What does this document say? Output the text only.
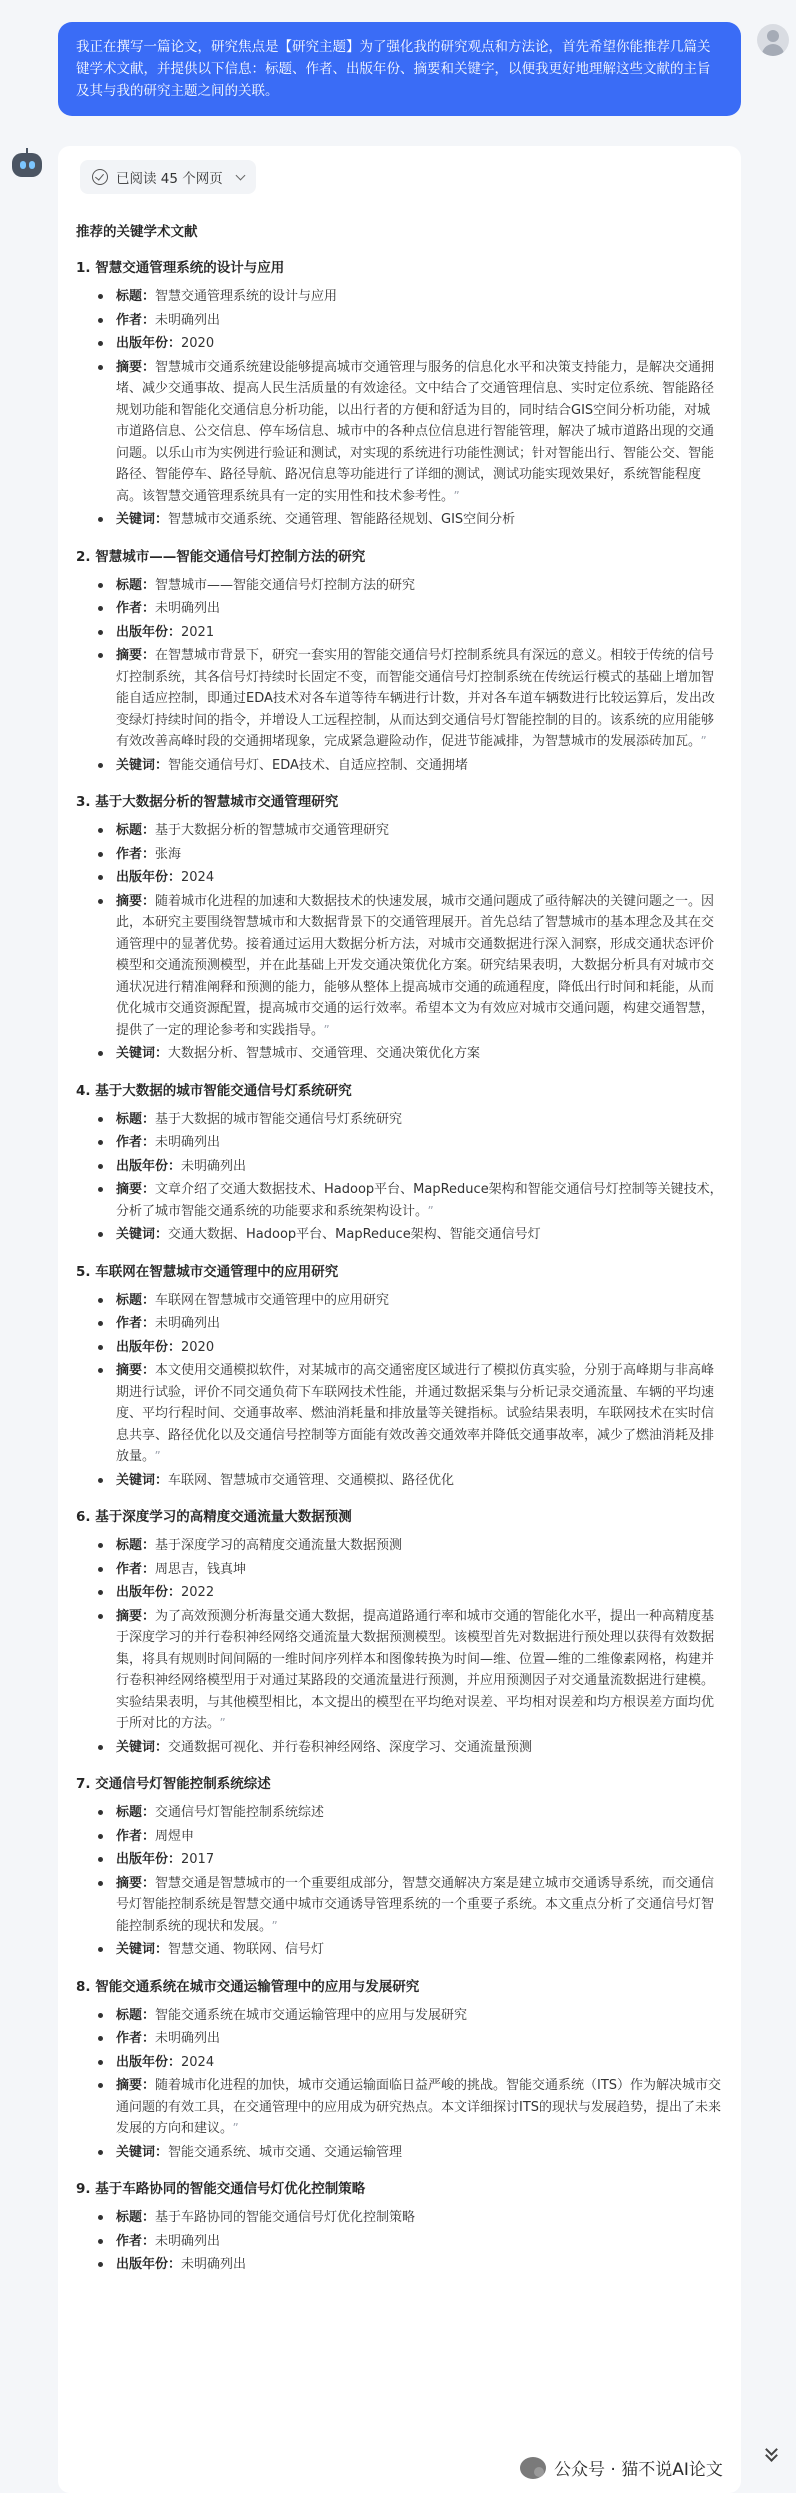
我正在撰写一篇论文，研究焦点是【研究主题】为了强化我的研究观点和方法论，首先希望你能推荐几篇关键学术文献，并提供以下信息：标题、作者、出版年份、摘要和关键字，以便我更好地理解这些文献的主旨及其与我的研究主题之间的关联。
已阅读 45 个网页
推荐的关键学术文献
1. 智慧交通管理系统的设计与应用
标题：智慧交通管理系统的设计与应用
作者：未明确列出
出版年份：2020
摘要：智慧城市交通系统建设能够提高城市交通管理与服务的信息化水平和决策支持能力，是解决交通拥堵、减少交通事故、提高人民生活质量的有效途径。文中结合了交通管理信息、实时定位系统、智能路径规划功能和智能化交通信息分析功能，以出行者的方便和舒适为目的，同时结合GIS空间分析功能，对城市道路信息、公交信息、停车场信息、城市中的各种点位信息进行智能管理，解决了城市道路出现的交通问题。以乐山市为实例进行验证和测试，对实现的系统进行功能性测试；针对智能出行、智能公交、智能路径、智能停车、路径导航、路况信息等功能进行了详细的测试，测试功能实现效果好，系统智能程度高。该智慧交通管理系统具有一定的实用性和技术参考性。 ”
关键词：智慧城市交通系统、交通管理、智能路径规划、GIS空间分析
2. 智慧城市——智能交通信号灯控制方法的研究
标题：智慧城市——智能交通信号灯控制方法的研究
作者：未明确列出
出版年份：2021
摘要：在智慧城市背景下，研究一套实用的智能交通信号灯控制系统具有深远的意义。相较于传统的信号灯控制系统，其各信号灯持续时长固定不变，而智能交通信号灯控制系统在传统运行模式的基础上增加智能自适应控制，即通过EDA技术对各车道等待车辆进行计数，并对各车道车辆数进行比较运算后，发出改变绿灯持续时间的指令，并增设人工远程控制，从而达到交通信号灯智能控制的目的。该系统的应用能够有效改善高峰时段的交通拥堵现象，完成紧急避险动作，促进节能减排，为智慧城市的发展添砖加瓦。 ”
关键词：智能交通信号灯、EDA技术、自适应控制、交通拥堵
3. 基于大数据分析的智慧城市交通管理研究
标题：基于大数据分析的智慧城市交通管理研究
作者：张海
出版年份：2024
摘要：随着城市化进程的加速和大数据技术的快速发展，城市交通问题成了亟待解决的关键问题之一。因此，本研究主要围绕智慧城市和大数据背景下的交通管理展开。首先总结了智慧城市的基本理念及其在交通管理中的显著优势。接着通过运用大数据分析方法，对城市交通数据进行深入洞察，形成交通状态评价模型和交通流预测模型，并在此基础上开发交通决策优化方案。研究结果表明，大数据分析具有对城市交通状况进行精准阐释和预测的能力，能够从整体上提高城市交通的疏通程度，降低出行时间和耗能，从而优化城市交通资源配置，提高城市交通的运行效率。希望本文为有效应对城市交通问题，构建交通智慧，提供了一定的理论参考和实践指导。 ”
关键词：大数据分析、智慧城市、交通管理、交通决策优化方案
4. 基于大数据的城市智能交通信号灯系统研究
标题：基于大数据的城市智能交通信号灯系统研究
作者：未明确列出
出版年份：未明确列出
摘要：文章介绍了交通大数据技术、Hadoop平台、MapReduce架构和智能交通信号灯控制等关键技术，分析了城市智能交通系统的功能要求和系统架构设计。 ”
关键词：交通大数据、Hadoop平台、MapReduce架构、智能交通信号灯
5. 车联网在智慧城市交通管理中的应用研究
标题：车联网在智慧城市交通管理中的应用研究
作者：未明确列出
出版年份：2020
摘要：本文使用交通模拟软件，对某城市的高交通密度区域进行了模拟仿真实验，分别于高峰期与非高峰期进行试验，评价不同交通负荷下车联网技术性能，并通过数据采集与分析记录交通流量、车辆的平均速度、平均行程时间、交通事故率、燃油消耗量和排放量等关键指标。试验结果表明，车联网技术在实时信息共享、路径优化以及交通信号控制等方面能有效改善交通效率并降低交通事故率，减少了燃油消耗及排放量。 ”
关键词：车联网、智慧城市交通管理、交通模拟、路径优化
6. 基于深度学习的高精度交通流量大数据预测
标题：基于深度学习的高精度交通流量大数据预测
作者：周思吉，钱真坤
出版年份：2022
摘要：为了高效预测分析海量交通大数据，提高道路通行率和城市交通的智能化水平，提出一种高精度基于深度学习的并行卷积神经网络交通流量大数据预测模型。该模型首先对数据进行预处理以获得有效数据集，将具有规则时间间隔的一维时间序列样本和图像转换为时间—维、位置—维的二维像素网格，构建并行卷积神经网络模型用于对通过某路段的交通流量进行预测，并应用预测因子对交通量流数据进行建模。实验结果表明，与其他模型相比，本文提出的模型在平均绝对误差、平均相对误差和均方根误差方面均优于所对比的方法。 ”
关键词：交通数据可视化、并行卷积神经网络、深度学习、交通流量预测
7. 交通信号灯智能控制系统综述
标题：交通信号灯智能控制系统综述
作者：周煜申
出版年份：2017
摘要：智慧交通是智慧城市的一个重要组成部分，智慧交通解决方案是建立城市交通诱导系统，而交通信号灯智能控制系统是智慧交通中城市交通诱导管理系统的一个重要子系统。本文重点分析了交通信号灯智能控制系统的现状和发展。 ”
关键词：智慧交通、物联网、信号灯
8. 智能交通系统在城市交通运输管理中的应用与发展研究
标题：智能交通系统在城市交通运输管理中的应用与发展研究
作者：未明确列出
出版年份：2024
摘要：随着城市化进程的加快，城市交通运输面临日益严峻的挑战。智能交通系统（ITS）作为解决城市交通问题的有效工具，在交通管理中的应用成为研究热点。本文详细探讨ITS的现状与发展趋势，提出了未来发展的方向和建议。 ”
关键词：智能交通系统、城市交通、交通运输管理
9. 基于车路协同的智能交通信号灯优化控制策略
标题：基于车路协同的智能交通信号灯优化控制策略
作者：未明确列出
出版年份：未明确列出
公众号 · 猫不说AI论文
